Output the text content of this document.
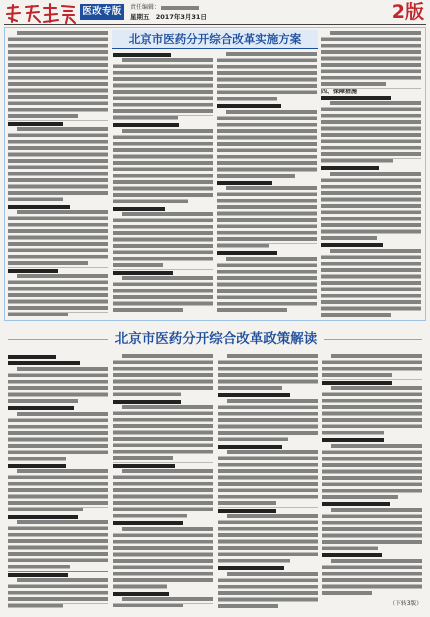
医改专版	责任编辑：
星期五 2017年3月31日	2版
北京市医药分开综合改革实施方案
四、保障措施
北京市医药分开综合改革政策解读
（下转3版）
